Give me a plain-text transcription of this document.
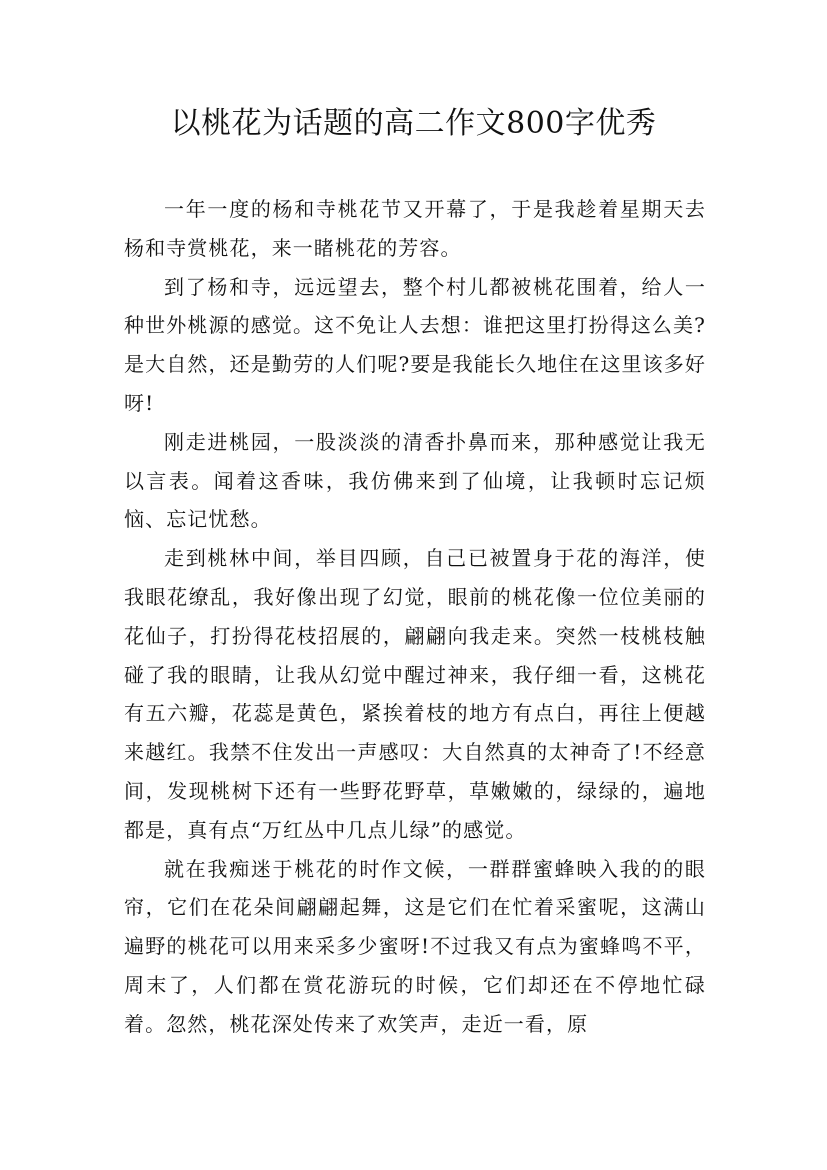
以桃花为话题的高二作文800字优秀

一年一度的杨和寺桃花节又开幕了，于是我趁着星期天去杨和寺赏桃花，来一睹桃花的芳容。

到了杨和寺，远远望去，整个村儿都被桃花围着，给人一种世外桃源的感觉。这不免让人去想：谁把这里打扮得这么美?是大自然，还是勤劳的人们呢?要是我能长久地住在这里该多好呀!

刚走进桃园，一股淡淡的清香扑鼻而来，那种感觉让我无以言表。闻着这香味，我仿佛来到了仙境，让我顿时忘记烦恼、忘记忧愁。

走到桃林中间，举目四顾，自己已被置身于花的海洋，使我眼花缭乱，我好像出现了幻觉，眼前的桃花像一位位美丽的花仙子，打扮得花枝招展的，翩翩向我走来。突然一枝桃枝触碰了我的眼睛，让我从幻觉中醒过神来，我仔细一看，这桃花有五六瓣，花蕊是黄色，紧挨着枝的地方有点白，再往上便越来越红。我禁不住发出一声感叹：大自然真的太神奇了!不经意间，发现桃树下还有一些野花野草，草嫩嫩的，绿绿的，遍地都是，真有点“万红丛中几点儿绿”的感觉。

就在我痴迷于桃花的时作文候，一群群蜜蜂映入我的的眼帘，它们在花朵间翩翩起舞，这是它们在忙着采蜜呢，这满山遍野的桃花可以用来采多少蜜呀!不过我又有点为蜜蜂鸣不平，周末了，人们都在赏花游玩的时候，它们却还在不停地忙碌着。忽然，桃花深处传来了欢笑声，走近一看，原
